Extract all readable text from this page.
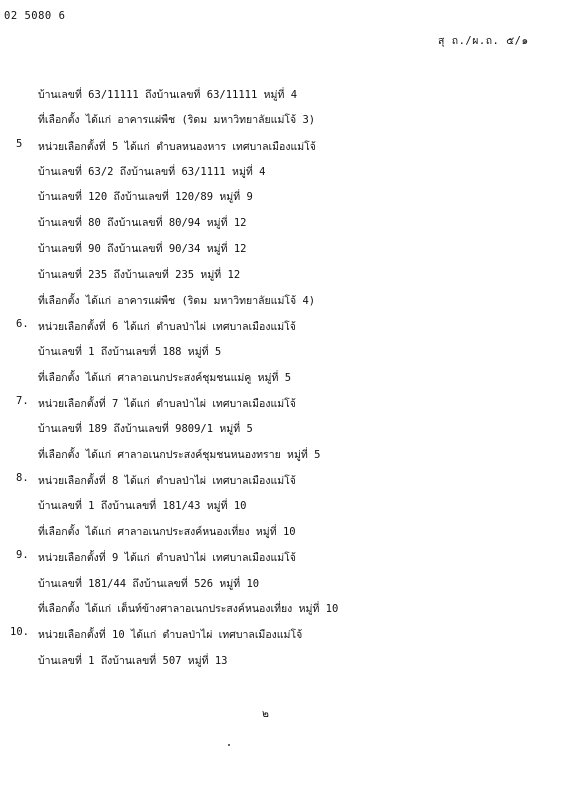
02 5080 6
สุ ถ./ผ.ถ. ๕/๑
5
6.
7.
8.
9.
10.
บ้านเลขที่ 63/11111 ถึงบ้านเลขที่ 63/11111 หมู่ที่ 4
ที่เลือกตั้ง ได้แก่ อาคารแผ่พืช (ริดม มหาวิทยาลัยแม่โจ้ 3)
หน่วยเลือกตั้งที่ 5 ได้แก่ ตำบลหนองหาร เทศบาลเมืองแม่โจ้
บ้านเลขที่ 63/2 ถึงบ้านเลขที่ 63/1111 หมู่ที่ 4
บ้านเลขที่ 120 ถึงบ้านเลขที่ 120/89 หมู่ที่ 9
บ้านเลขที่ 80 ถึงบ้านเลขที่ 80/94 หมู่ที่ 12
บ้านเลขที่ 90 ถึงบ้านเลขที่ 90/34 หมู่ที่ 12
บ้านเลขที่ 235 ถึงบ้านเลขที่ 235 หมู่ที่ 12
ที่เลือกตั้ง ได้แก่ อาคารแผ่พืช (ริดม มหาวิทยาลัยแม่โจ้ 4)
หน่วยเลือกตั้งที่ 6 ได้แก่ ตำบลป่าไผ่ เทศบาลเมืองแม่โจ้
บ้านเลขที่ 1 ถึงบ้านเลขที่ 188 หมู่ที่ 5
ที่เลือกตั้ง ได้แก่ ศาลาอเนกประสงค์ชุมชนแม่คู หมู่ที่ 5
หน่วยเลือกตั้งที่ 7 ได้แก่ ตำบลป่าไผ่ เทศบาลเมืองแม่โจ้
บ้านเลขที่ 189 ถึงบ้านเลขที่ 9809/1 หมู่ที่ 5
ที่เลือกตั้ง ได้แก่ ศาลาอเนกประสงค์ชุมชนหนองทราย หมู่ที่ 5
หน่วยเลือกตั้งที่ 8 ได้แก่ ตำบลป่าไผ่ เทศบาลเมืองแม่โจ้
บ้านเลขที่ 1 ถึงบ้านเลขที่ 181/43 หมู่ที่ 10
ที่เลือกตั้ง ได้แก่ ศาลาอเนกประสงค์หนองเที่ยง หมู่ที่ 10
หน่วยเลือกตั้งที่ 9 ได้แก่ ตำบลป่าไผ่ เทศบาลเมืองแม่โจ้
บ้านเลขที่ 181/44 ถึงบ้านเลขที่ 526 หมู่ที่ 10
ที่เลือกตั้ง ได้แก่ เต็นท์ข้างศาลาอเนกประสงค์หนองเที่ยง หมู่ที่ 10
หน่วยเลือกตั้งที่ 10 ได้แก่ ตำบลป่าไผ่ เทศบาลเมืองแม่โจ้
บ้านเลขที่ 1 ถึงบ้านเลขที่ 507 หมู่ที่ 13
๒
